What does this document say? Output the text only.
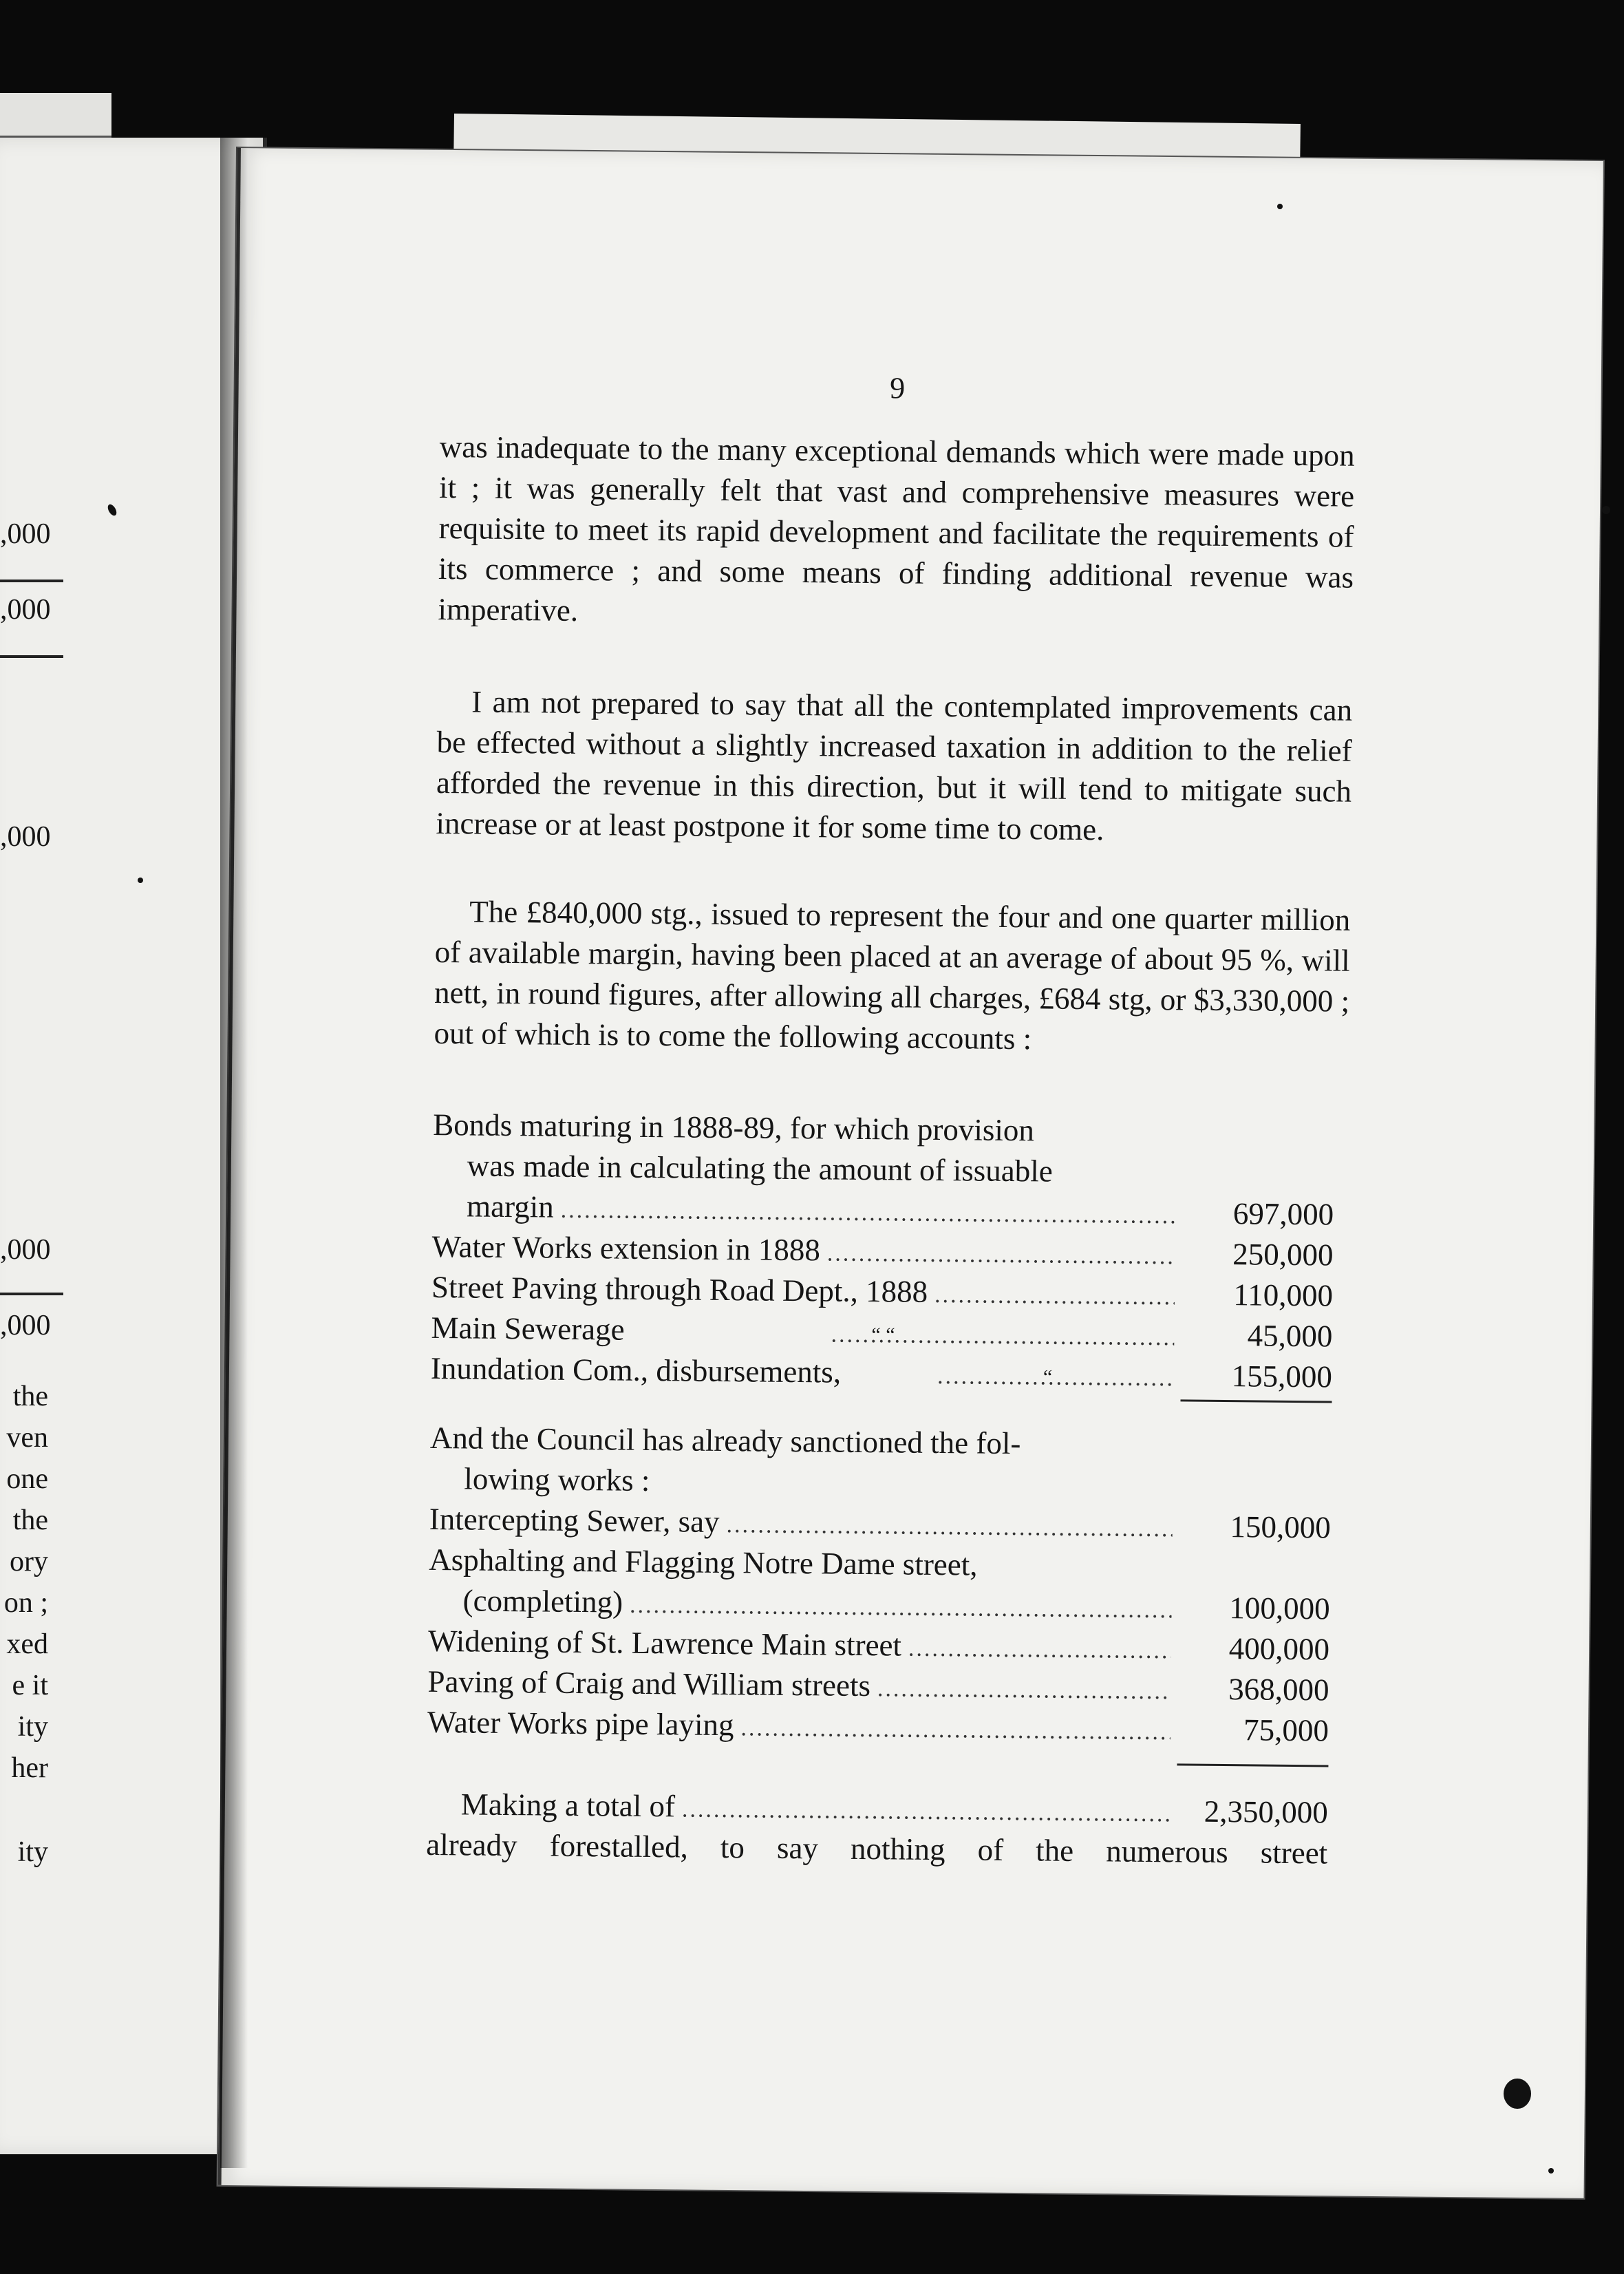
,000
,000
,000
,000
,000
the
ven
one
the
ory
on ;
xed
e it
ity
her
ity
9

was inadequate to the many exceptional demands which were made upon it ; it was generally felt that vast and comprehensive measures were requisite to meet its rapid development and facilitate the requirements of its commerce ; and some means of finding additional revenue was imperative.

I am not prepared to say that all the contemplated improvements can be effected without a slightly increased taxation in addition to the relief afforded the revenue in this direction, but it will tend to mitigate such increase or at least postpone it for some time to come.

The £840,000 stg., issued to represent the four and one quarter million of available margin, having been placed at an average of about 95 %, will nett, in round figures, after allowing all charges, £684 stg, or $3,330,000 ; out of which is to come the following accounts :

Bonds maturing in 1888-89, for which provision
was made in calculating the amount of issuable
margin .....	697,000
Water Works extension in 1888 .....	250,000
Street Paving through Road Dept., 1888 .....	110,000
Main Sewerage .....	45,000
“ “
Inundation Com., disbursements, .....	155,000
“
And the Council has already sanctioned the fol-
lowing works :
Intercepting Sewer, say .....	150,000
Asphalting and Flagging Notre Dame street,
(completing) .....	100,000
Widening of St. Lawrence Main street .....	400,000
Paving of Craig and William streets .....	368,000
Water Works pipe laying .....	75,000
Making a total of .....	2,350,000

already forestalled, to say nothing of the numerous street
